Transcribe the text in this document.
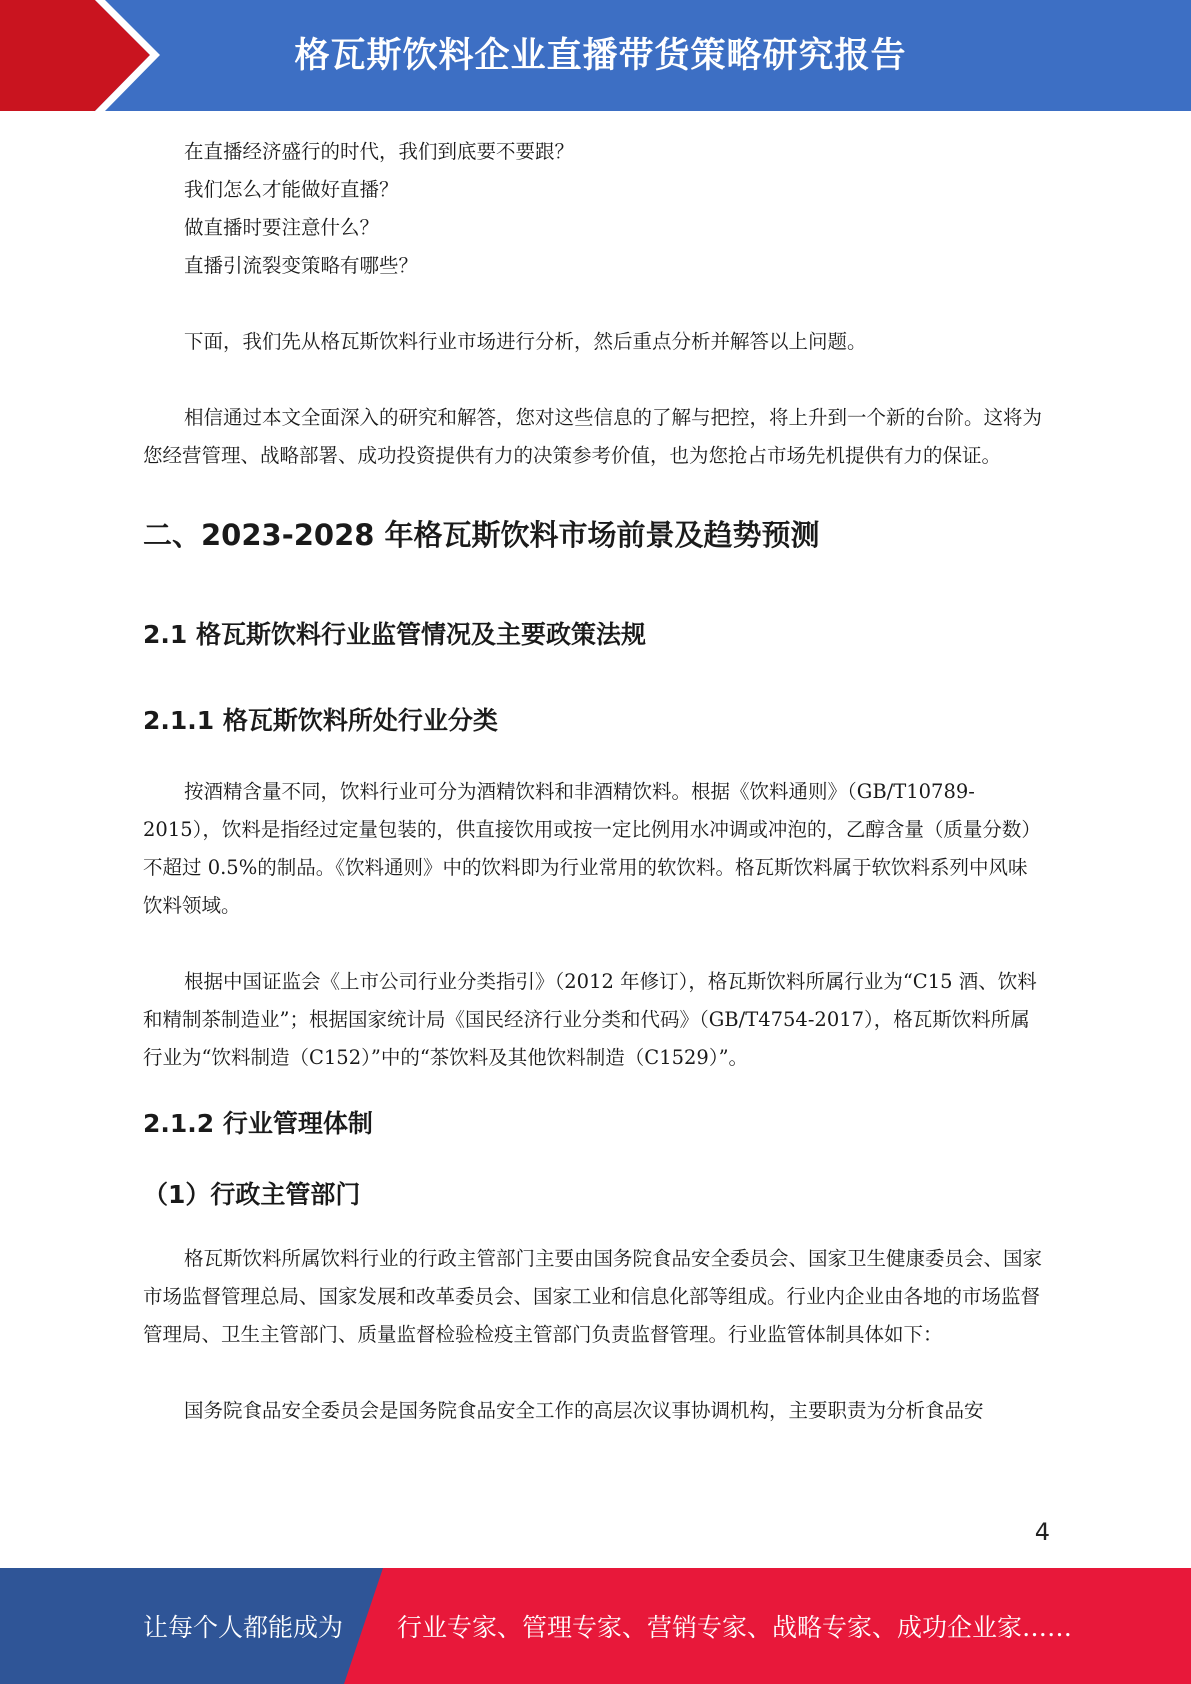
格瓦斯饮料企业直播带货策略研究报告

在直播经济盛行的时代，我们到底要不要跟？

我们怎么才能做好直播？

做直播时要注意什么？

直播引流裂变策略有哪些？

下面，我们先从格瓦斯饮料行业市场进行分析，然后重点分析并解答以上问题。

相信通过本文全面深入的研究和解答，您对这些信息的了解与把控，将上升到一个新的台阶。这将为您经营管理、战略部署、成功投资提供有力的决策参考价值，也为您抢占市场先机提供有力的保证。

二、2023-2028 年格瓦斯饮料市场前景及趋势预测
2.1 格瓦斯饮料行业监管情况及主要政策法规
2.1.1 格瓦斯饮料所处行业分类

按酒精含量不同，饮料行业可分为酒精饮料和非酒精饮料。根据《饮料通则》（GB/T10789-2015），饮料是指经过定量包装的，供直接饮用或按一定比例用水冲调或冲泡的，乙醇含量（质量分数）不超过 0.5%的制品。《饮料通则》中的饮料即为行业常用的软饮料。格瓦斯饮料属于软饮料系列中风味饮料领域。

根据中国证监会《上市公司行业分类指引》（2012 年修订），格瓦斯饮料所属行业为“C15 酒、饮料和精制茶制造业”；根据国家统计局《国民经济行业分类和代码》（GB/T4754-2017），格瓦斯饮料所属行业为“饮料制造（C152）”中的“茶饮料及其他饮料制造（C1529）”。

2.1.2 行业管理体制
（1）行政主管部门

格瓦斯饮料所属饮料行业的行政主管部门主要由国务院食品安全委员会、国家卫生健康委员会、国家市场监督管理总局、国家发展和改革委员会、国家工业和信息化部等组成。行业内企业由各地的市场监督管理局、卫生主管部门、质量监督检验检疫主管部门负责监督管理。行业监管体制具体如下：

国务院食品安全委员会是国务院食品安全工作的高层次议事协调机构，主要职责为分析食品安

4
让每个人都能成为 行业专家、管理专家、营销专家、战略专家、成功企业家……
